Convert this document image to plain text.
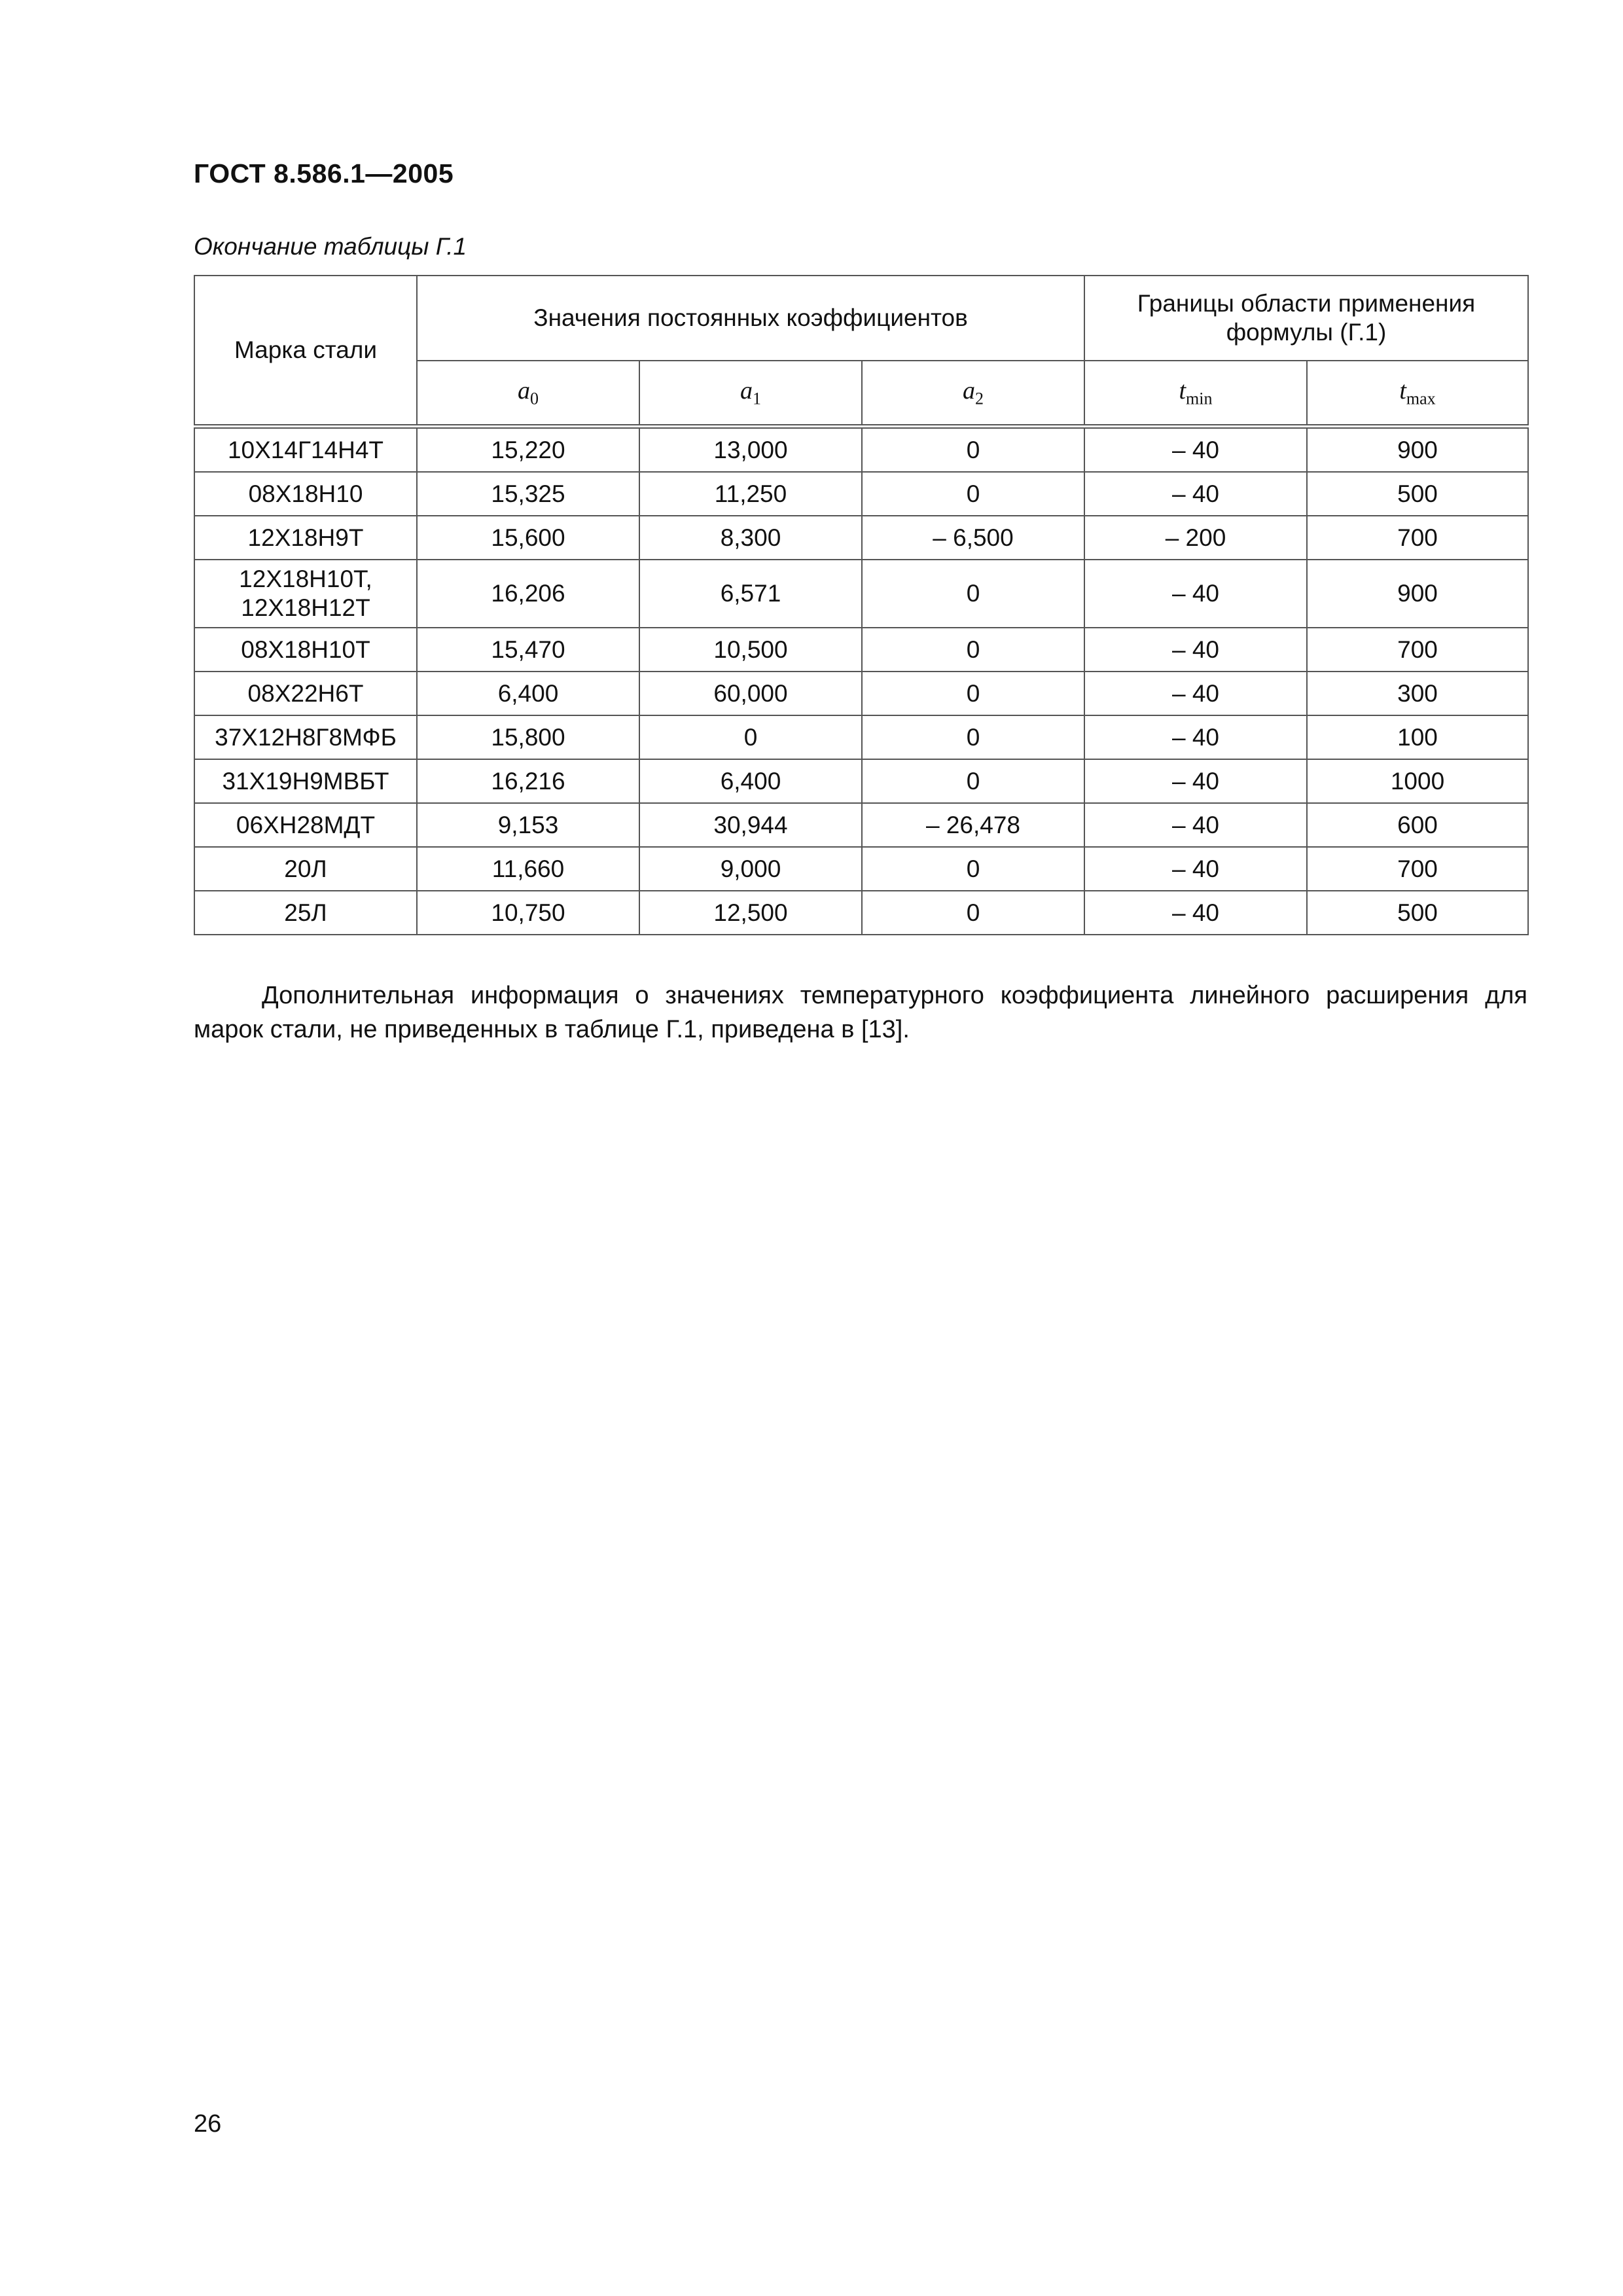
ГОСТ 8.586.1—2005
Окончание таблицы Г.1
Марка стали	Значения постоянных коэффициентов			Границы области применения формулы (Г.1)	
	$a_0$	$a_1$	$a_2$	$t_{min}$	$t_{max}$
10Х14Г14Н4Т	15,220	13,000	0	– 40	900
08Х18Н10	15,325	11,250	0	– 40	500
12Х18Н9Т	15,600	8,300	– 6,500	– 200	700
12Х18Н10Т,
12Х18Н12Т	16,206	6,571	0	– 40	900
08Х18Н10Т	15,470	10,500	0	– 40	700
08Х22Н6Т	6,400	60,000	0	– 40	300
37Х12Н8Г8МФБ	15,800	0	0	– 40	100
31Х19Н9МВБТ	16,216	6,400	0	– 40	1000
06ХН28МДТ	9,153	30,944	– 26,478	– 40	600
20Л	11,660	9,000	0	– 40	700
25Л	10,750	12,500	0	– 40	500
Дополнительная информация о значениях температурного коэффициента линейного расширения для марок стали, не приведенных в таблице Г.1, приведена в [13].
26
